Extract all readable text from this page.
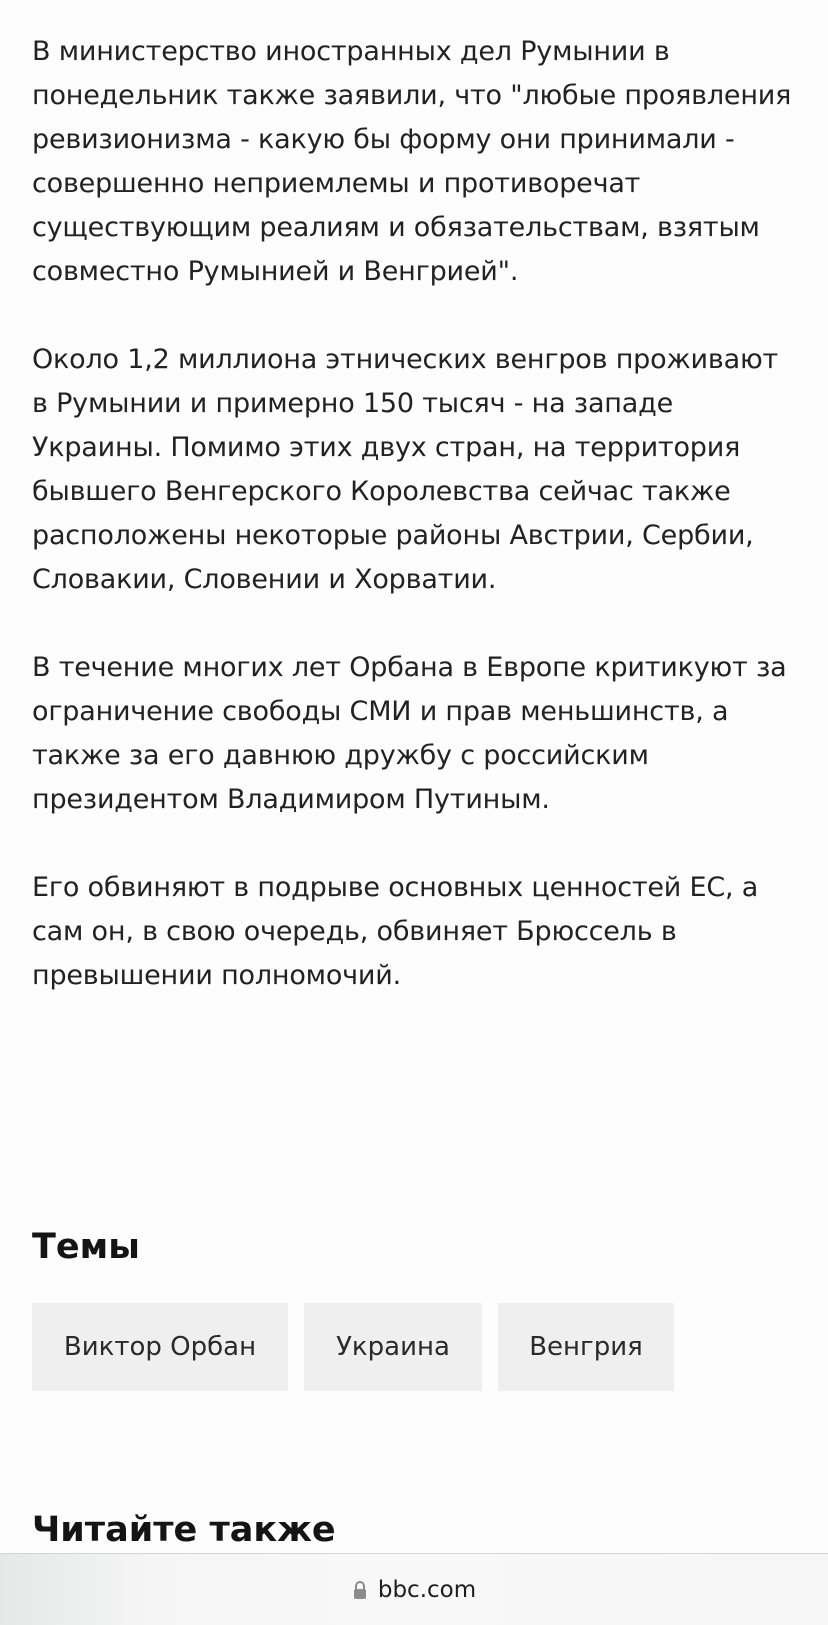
В министерство иностранных дел Румынии в понедельник также заявили, что "любые проявления ревизионизма - какую бы форму они принимали - совершенно неприемлемы и противоречат существующим реалиям и обязательствам, взятым совместно Румынией и Венгрией".

Около 1,2 миллиона этнических венгров проживают в Румынии и примерно 150 тысяч - на западе Украины. Помимо этих двух стран, на территория бывшего Венгерского Королевства сейчас также расположены некоторые районы Австрии, Сербии, Словакии, Словении и Хорватии.

В течение многих лет Орбана в Европе критикуют за ограничение свободы СМИ и прав меньшинств, а также за его давнюю дружбу с российским президентом Владимиром Путиным.

Его обвиняют в подрыве основных ценностей ЕС, а сам он, в свою очередь, обвиняет Брюссель в превышении полномочий.

Темы
Виктор Орбан	Украина	Венгрия
Читайте также
bbc.com
